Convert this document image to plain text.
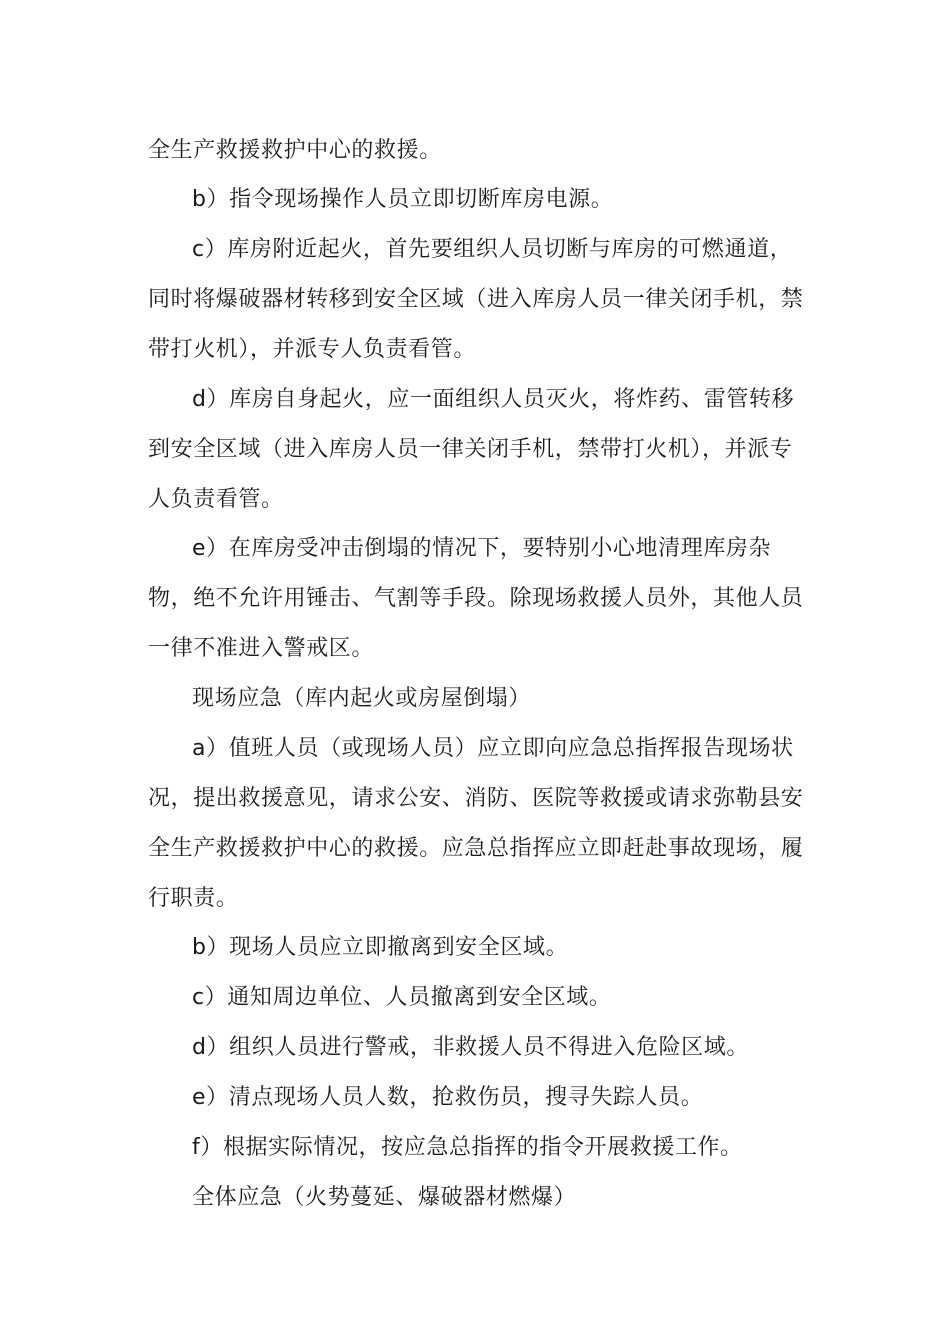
全生产救援救护中心的救援。
b）指令现场操作人员立即切断库房电源。
c）库房附近起火，首先要组织人员切断与库房的可燃通道，
同时将爆破器材转移到安全区域（进入库房人员一律关闭手机，禁
带打火机），并派专人负责看管。
d）库房自身起火，应一面组织人员灭火，将炸药、雷管转移
到安全区域（进入库房人员一律关闭手机，禁带打火机），并派专
人负责看管。
e）在库房受冲击倒塌的情况下，要特别小心地清理库房杂
物，绝不允许用锤击、气割等手段。除现场救援人员外，其他人员
一律不准进入警戒区。
现场应急（库内起火或房屋倒塌）
a）值班人员（或现场人员）应立即向应急总指挥报告现场状
况，提出救援意见，请求公安、消防、医院等救援或请求弥勒县安
全生产救援救护中心的救援。应急总指挥应立即赶赴事故现场，履
行职责。
b）现场人员应立即撤离到安全区域。
c）通知周边单位、人员撤离到安全区域。
d）组织人员进行警戒，非救援人员不得进入危险区域。
e）清点现场人员人数，抢救伤员，搜寻失踪人员。
f）根据实际情况，按应急总指挥的指令开展救援工作。
全体应急（火势蔓延、爆破器材燃爆）
